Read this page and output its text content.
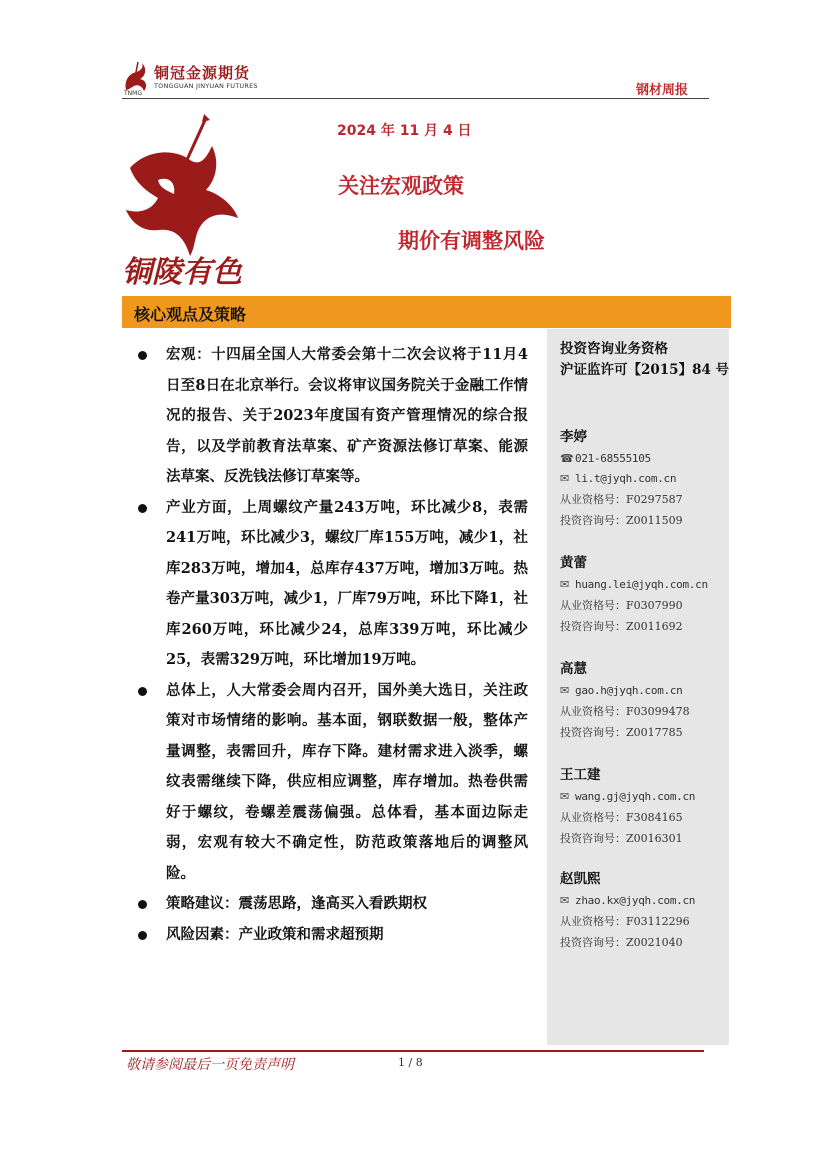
铜冠金源期货
TONGGUAN JINYUAN FUTURES
TNMG	钢材周报
铜陵有色
2024 年 11 月 4 日
关注宏观政策
期价有调整风险
核心观点及策略
宏观：十四届全国人大常委会第十二次会议将于11月4日至8日在北京举行。会议将审议国务院关于金融工作情况的报告、关于2023年度国有资产管理情况的综合报告，以及学前教育法草案、矿产资源法修订草案、能源法草案、反洗钱法修订草案等。
产业方面，上周螺纹产量243万吨，环比减少8，表需241万吨，环比减少3，螺纹厂库155万吨，减少1，社库283万吨，增加4，总库存437万吨，增加3万吨。热卷产量303万吨，减少1，厂库79万吨，环比下降1，社库260万吨，环比减少24，总库339万吨，环比减少25，表需329万吨，环比增加19万吨。
总体上，人大常委会周内召开，国外美大选日，关注政策对市场情绪的影响。基本面，钢联数据一般，整体产量调整，表需回升，库存下降。建材需求进入淡季，螺纹表需继续下降，供应相应调整，库存增加。热卷供需好于螺纹，卷螺差震荡偏强。总体看，基本面边际走弱，宏观有较大不确定性，防范政策落地后的调整风险。
策略建议：震荡思路，逢高买入看跌期权
风险因素：产业政策和需求超预期
投资咨询业务资格
沪证监许可【2015】84 号
李婷
☎ 021-68555105
✉ li.t@jyqh.com.cn
从业资格号：F0297587
投资咨询号：Z0011509
黄蕾
✉ huang.lei@jyqh.com.cn
从业资格号：F0307990
投资咨询号：Z0011692
高慧
✉ gao.h@jyqh.com.cn
从业资格号：F03099478
投资咨询号：Z0017785
王工建
✉ wang.gj@jyqh.com.cn
从业资格号：F3084165
投资咨询号：Z0016301
赵凯熙
✉ zhao.kx@jyqh.com.cn
从业资格号：F03112296
投资咨询号：Z0021040
敬请参阅最后一页免责声明	1 / 8
